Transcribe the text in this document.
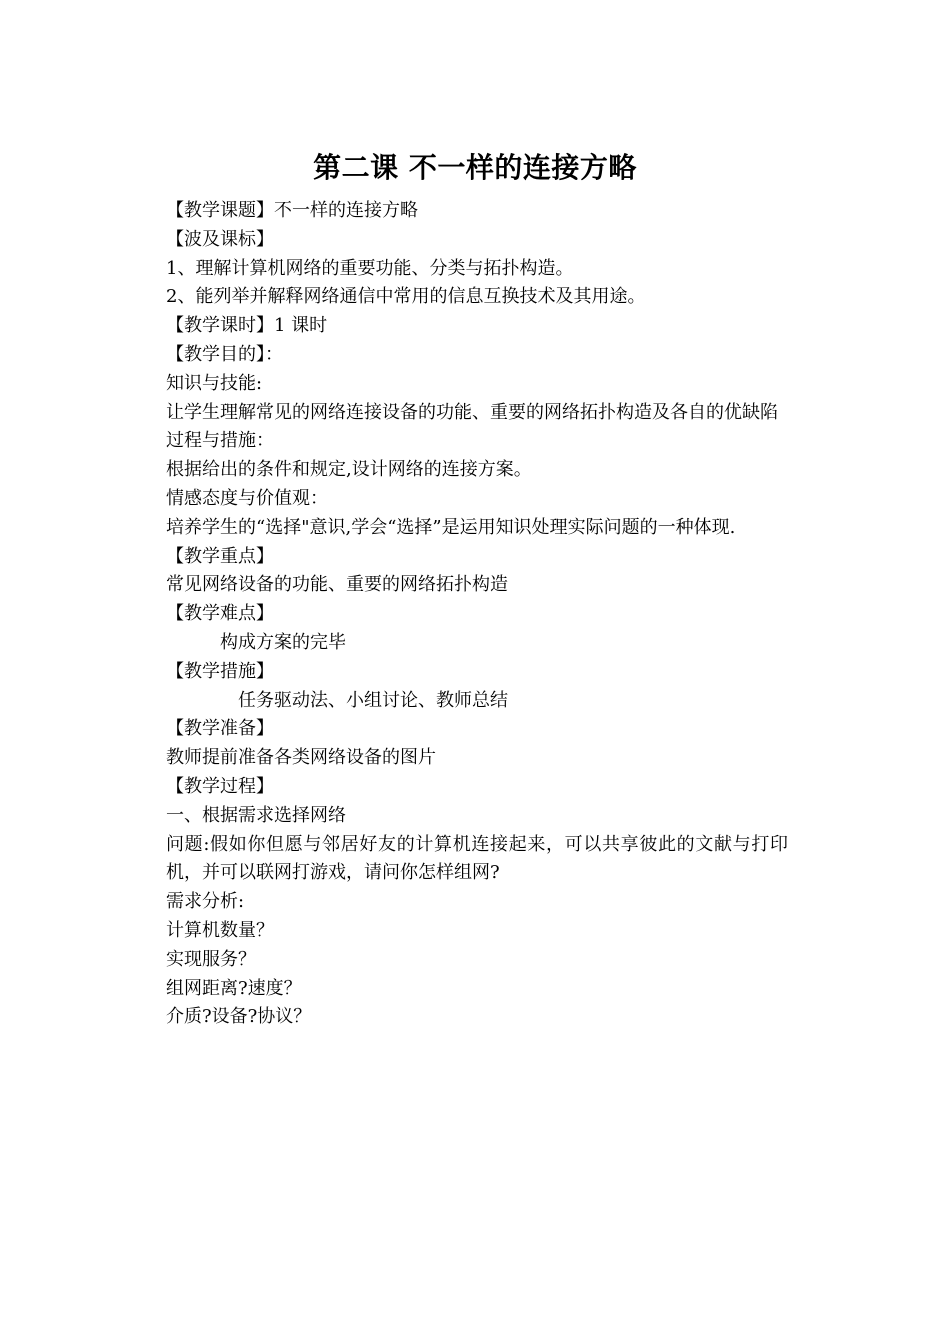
第二课 不一样的连接方略

【教学课题】不一样的连接方略

【波及课标】

1、理解计算机网络的重要功能、分类与拓扑构造。

2、能列举并解释网络通信中常用的信息互换技术及其用途。

【教学课时】1 课时

【教学目的】：

知识与技能:

让学生理解常见的网络连接设备的功能、重要的网络拓扑构造及各自的优缺陷

过程与措施：

根据给出的条件和规定,设计网络的连接方案。

情感态度与价值观：

培养学生的“选择"意识,学会“选择”是运用知识处理实际问题的一种体现.

【教学重点】

常见网络设备的功能、重要的网络拓扑构造

【教学难点】

构成方案的完毕

【教学措施】

任务驱动法、小组讨论、教师总结

【教学准备】

教师提前准备各类网络设备的图片

【教学过程】

一、根据需求选择网络

问题:假如你但愿与邻居好友的计算机连接起来，可以共享彼此的文献与打印机，并可以联网打游戏，请问你怎样组网?

需求分析:

计算机数量？

实现服务？

组网距离?速度？

介质?设备?协议？
